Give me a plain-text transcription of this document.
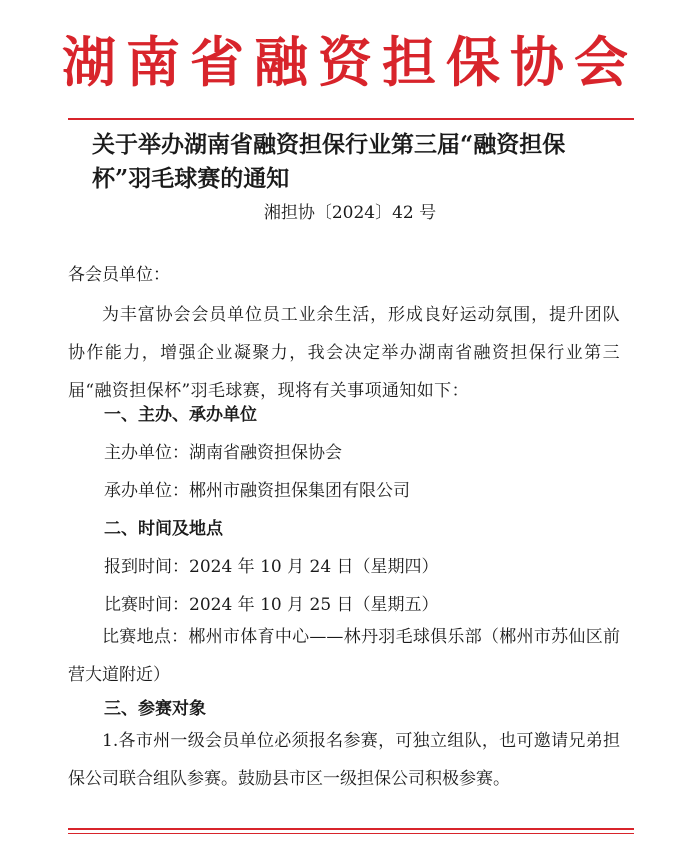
湖南省融资担保协会
关于举办湖南省融资担保行业第三届“融资担保杯”羽毛球赛的通知
湘担协〔2024〕42 号
各会员单位：
为丰富协会会员单位员工业余生活，形成良好运动氛围，提升团队协作能力，增强企业凝聚力，我会决定举办湖南省融资担保行业第三届“融资担保杯”羽毛球赛，现将有关事项通知如下：
一、主办、承办单位
主办单位：湖南省融资担保协会
承办单位：郴州市融资担保集团有限公司
二、时间及地点
报到时间：2024 年 10 月 24 日（星期四）
比赛时间：2024 年 10 月 25 日（星期五）
比赛地点：郴州市体育中心——林丹羽毛球俱乐部（郴州市苏仙区前营大道附近）
三、参赛对象
1.各市州一级会员单位必须报名参赛，可独立组队，也可邀请兄弟担保公司联合组队参赛。鼓励县市区一级担保公司积极参赛。
